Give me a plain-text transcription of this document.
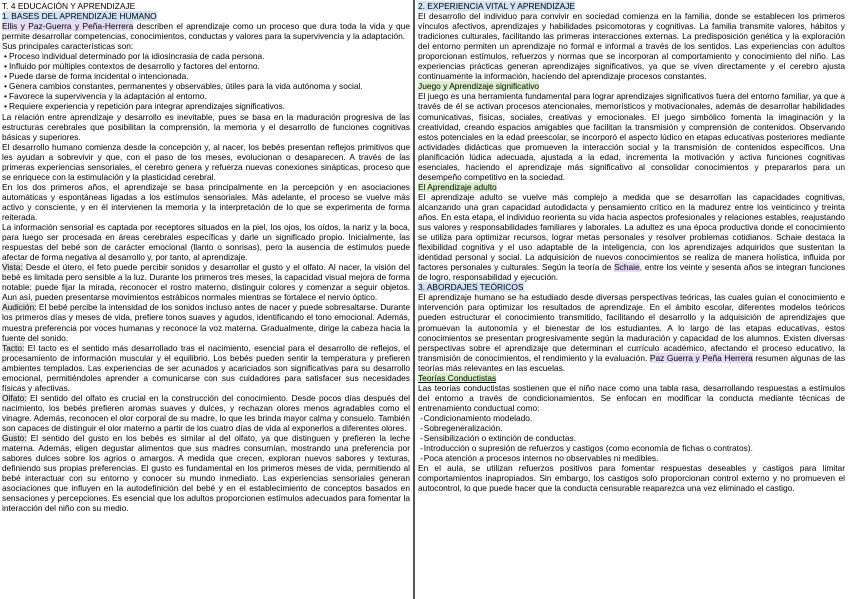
T. 4 EDUCACIÓN Y APRENDIZAJE
1. BASES DEL APRENDIZAJE HUMANO

Ellis y Paz-Guerra y Peña-Herrera describen el aprendizaje como un proceso que dura toda la vida y que permite desarrollar competencias, conocimientos, conductas y valores para la supervivencia y la adaptación.

Sus principales características son:
• Proceso individual determinado por la idiosincrasia de cada persona.
• Influido por múltiples contextos de desarrollo y factores del entorno.
• Puede darse de forma incidental o intencionada.
• Genera cambios constantes, permanentes y observables, útiles para la vida autónoma y social.
• Favorece la supervivencia y la adaptación al entorno.
• Requiere experiencia y repetición para integrar aprendizajes significativos.

La relación entre aprendizaje y desarrollo es inevitable, pues se basa en la maduración progresiva de las estructuras cerebrales que posibilitan la comprensión, la memoria y el desarrollo de funciones cognitivas básicas y superiores.

El desarrollo humano comienza desde la concepción y, al nacer, los bebés presentan reflejos primitivos que les ayudan a sobrevivir y que, con el paso de los meses, evolucionan o desaparecen. A través de las primeras experiencias sensoriales, el cerebro genera y refuerza nuevas conexiones sinápticas, proceso que se enriquece con la estimulación y la plasticidad cerebral.

En los dos primeros años, el aprendizaje se basa principalmente en la percepción y en asociaciones automáticas y espontáneas ligadas a los estímulos sensoriales. Más adelante, el proceso se vuelve más activo y consciente, y en él intervienen la memoria y la interpretación de lo que se experimenta de forma reiterada.

La información sensorial es captada por receptores situados en la piel, los ojos, los oídos, la nariz y la boca, para luego ser procesada en áreas cerebrales específicas y darle un significado propio. Inicialmente, las respuestas del bebé son de carácter emocional (llanto o sonrisas), pero la ausencia de estímulos puede afectar de forma negativa al desarrollo y, por tanto, al aprendizaje.

Vista: Desde el útero, el feto puede percibir sonidos y desarrollar el gusto y el olfato. Al nacer, la visión del bebé es limitada pero sensible a la luz. Durante los primeros tres meses, la capacidad visual mejora de forma notable: puede fijar la mirada, reconocer el rostro materno, distinguir colores y comenzar a seguir objetos. Aun así, pueden presentarse movimientos estrábicos normales mientras se fortalece el nervio óptico.

Audición: El bebé percibe la intensidad de los sonidos incluso antes de nacer y puede sobresaltarse. Durante los primeros días y meses de vida, prefiere tonos suaves y agudos, identificando el tono emocional. Además, muestra preferencia por voces humanas y reconoce la voz materna. Gradualmente, dirige la cabeza hacia la fuente del sonido.

Tacto: El tacto es el sentido más desarrollado tras el nacimiento, esencial para el desarrollo de reflejos, el procesamiento de información muscular y el equilibrio. Los bebés pueden sentir la temperatura y prefieren ambientes templados. Las experiencias de ser acunados y acariciados son significativas para su desarrollo emocional, permitiéndoles aprender a comunicarse con sus cuidadores para satisfacer sus necesidades físicas y afectivas.

Olfato: El sentido del olfato es crucial en la construcción del conocimiento. Desde pocos días después del nacimiento, los bebés prefieren aromas suaves y dulces, y rechazan olores menos agradables como el vinagre. Además, reconocen el olor corporal de su madre, lo que les brinda mayor calma y consuelo. También son capaces de distinguir el olor materno a partir de los cuatro días de vida al exponerlos a diferentes olores.

Gusto: El sentido del gusto en los bebés es similar al del olfato, ya que distinguen y prefieren la leche materna. Además, eligen degustar alimentos que sus madres consumían, mostrando una preferencia por sabores dulces sobre los agrios o amargos. A medida que crecen, exploran nuevos sabores y texturas, definiendo sus propias preferencias. El gusto es fundamental en los primeros meses de vida, permitiendo al bebé interactuar con su entorno y conocer su mundo inmediato. Las experiencias sensoriales generan asociaciones que influyen en la autodefinición del bebé y en el establecimiento de conceptos basados en sensaciones y percepciones. Es esencial que los adultos proporcionen estímulos adecuados para fomentar la interacción del niño con su medio.

2. EXPERIENCIA VITAL Y APRENDIZAJE

El desarrollo del individuo para convivir en sociedad comienza en la familia, donde se establecen los primeros vínculos afectivos, aprendizajes y habilidades psicomotoras y cognitivas. La familia transmite valores, hábitos y tradiciones culturales, facilitando las primeras interacciones externas. La predisposición genética y la exploración del entorno permiten un aprendizaje no formal e informal a través de los sentidos. Las experiencias con adultos proporcionan estímulos, refuerzos y normas que se incorporan al comportamiento y conocimiento del niño. Las experiencias prácticas generan aprendizajes significativos, ya que se viven directamente y el cerebro ajusta continuamente la información, haciendo del aprendizaje procesos constantes.

Juego y Aprendizaje significativo

El juego es una herramienta fundamental para lograr aprendizajes significativos fuera del entorno familiar, ya que a través de él se activan procesos atencionales, memorísticos y motivacionales, además de desarrollar habilidades comunicativas, físicas, sociales, creativas y emocionales. El juego simbólico fomenta la imaginación y la creatividad, creando espacios amigables que facilitan la transmisión y comprensión de contenidos. Observando estos potenciales en la edad preescolar, se incorporó el aspecto lúdico en etapas educativas posteriores mediante actividades didácticas que promueven la interacción social y la transmisión de contenidos específicos. Una planificación lúdica adecuada, ajustada a la edad, incrementa la motivación y activa funciones cognitivas esenciales, haciendo el aprendizaje más significativo al consolidar conocimientos y prepararlos para un desempeño competitivo en la sociedad.

El Aprendizaje adulto

El aprendizaje adulto se vuelve más complejo a medida que se desarrollan las capacidades cognitivas, alcanzando una gran capacidad autodidacta y pensamiento crítico en la madurez entre los veinticinco y treinta años. En esta etapa, el individuo reorienta su vida hacia aspectos profesionales y relaciones estables, reajustando sus valores y responsabilidades familiares y laborales. La adultez es una época productiva donde el conocimiento se utiliza para optimizar recursos, lograr metas personales y resolver problemas cotidianos. Schaie destaca la flexibilidad cognitiva y el uso adaptable de la inteligencia, con los aprendizajes adquiridos que sustentan la identidad personal y social. La adquisición de nuevos conocimientos se realiza de manera holística, influida por factores personales y culturales. Según la teoría de Schaie, entre los veinte y sesenta años se integran funciones de logro, responsabilidad y ejecución.

3. ABORDAJES TEÓRICOS

El aprendizaje humano se ha estudiado desde diversas perspectivas teóricas, las cuales guían el conocimiento e intervención para optimizar los resultados de aprendizaje. En el ámbito escolar, diferentes modelos teóricos pueden estructurar el conocimiento transmitido, facilitando el desarrollo y la adquisición de aprendizajes que promuevan la autonomía y el bienestar de los estudiantes. A lo largo de las etapas educativas, estos conocimientos se presentan progresivamente según la maduración y capacidad de los alumnos. Existen diversas perspectivas sobre el aprendizaje que determinan el currículo académico, afectando el proceso educativo, la transmisión de conocimientos, el rendimiento y la evaluación. Paz Guerra y Peña Herrera resumen algunas de las teorías más relevantes en las escuelas.

Teorías Conductistas

Las teorías conductistas sostienen que el niño nace como una tabla rasa, desarrollando respuestas a estímulos del entorno a través de condicionamientos. Se enfocan en modificar la conducta mediante técnicas de entrenamiento conductual como:

- Condicionamiento modelado.
- Sobregeneralización.
- Sensibilización o extinción de conductas.
- Introducción o supresión de refuerzos y castigos (como economía de fichas o contratos).
- Poca atención a procesos internos no observables ni medibles.

En el aula, se utilizan refuerzos positivos para fomentar respuestas deseables y castigos para limitar comportamientos inapropiados. Sin embargo, los castigos solo proporcionan control externo y no promueven el autocontrol, lo que puede hacer que la conducta censurable reaparezca una vez eliminado el castigo.
